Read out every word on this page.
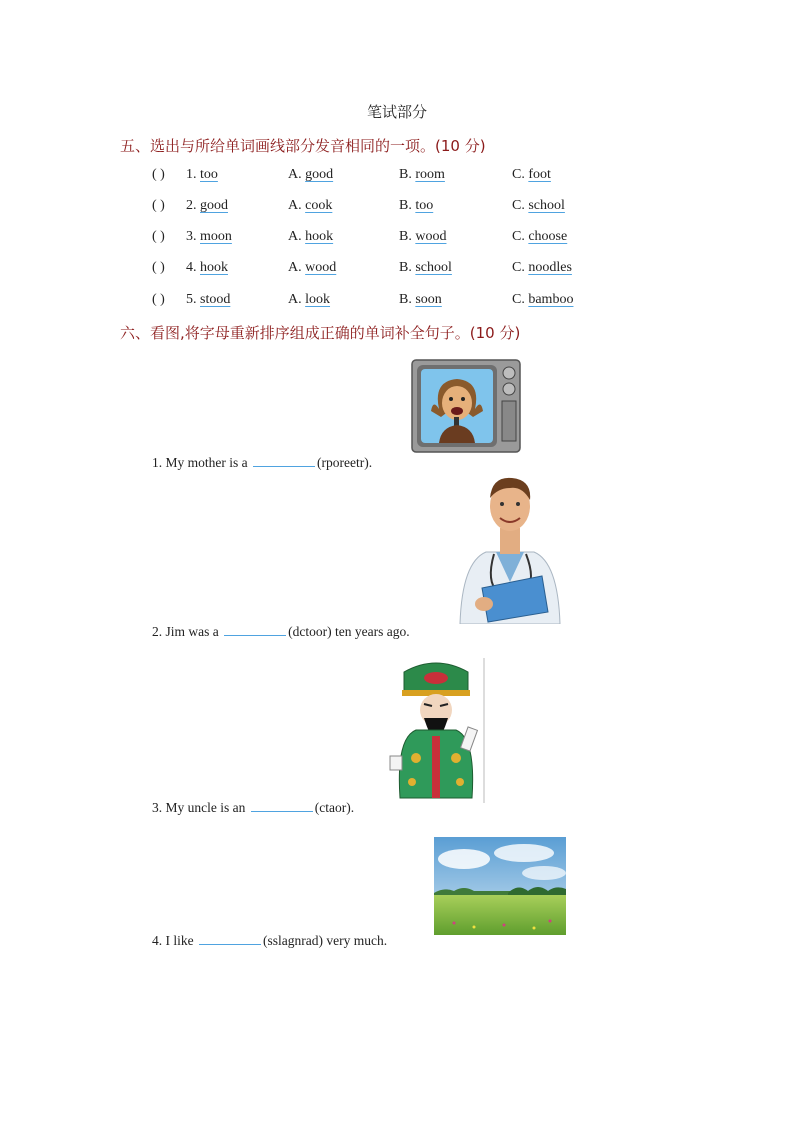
笔试部分
五、选出与所给单词画线部分发音相同的一项。(10 分)
( ) 1. too	A. good	B. room	C. foot
( ) 2. good	A. cook	B. too	C. school
( ) 3. moon	A. hook	B. wood	C. choose
( ) 4. hook	A. wood	B. school	C. noodles
( ) 5. stood	A. look	B. soon	C. bamboo
六、看图,将字母重新排序组成正确的单词补全句子。(10 分)
1. My mother is a	(rporeetr).
2. Jim was a	(dctoor) ten years ago.
3. My uncle is an	(ctaor).
4. I like	(sslagnrad) very much.
